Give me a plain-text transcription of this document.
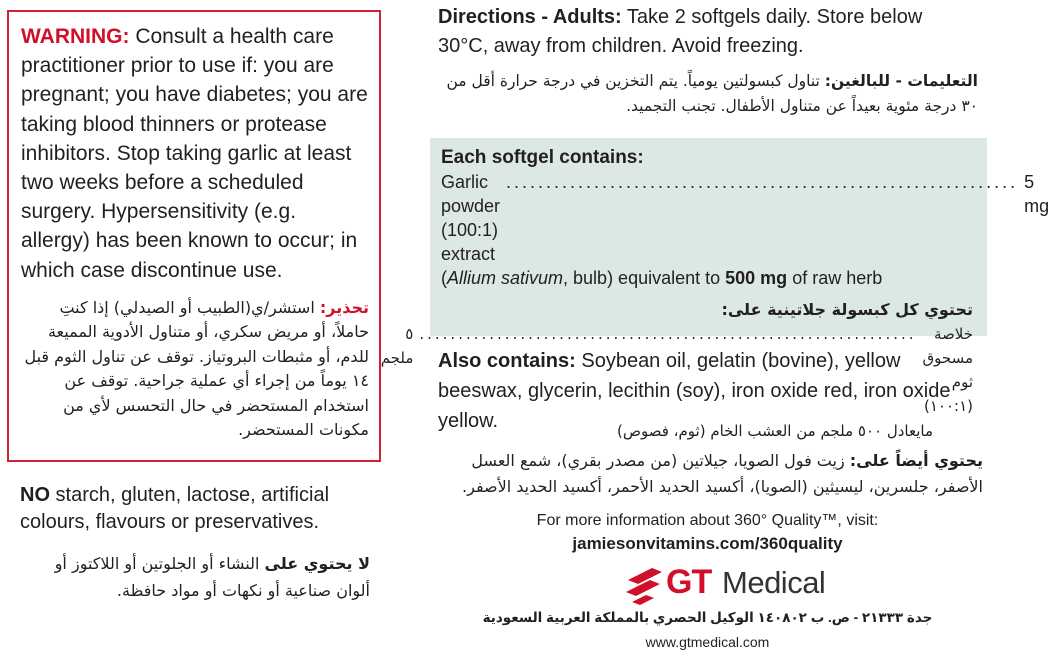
WARNING: Consult a health care practitioner prior to use if: you are pregnant; you have diabetes; you are taking blood thinners or protease inhibitors. Stop taking garlic at least two weeks before a scheduled surgery. Hypersensitivity (e.g. allergy) has been known to occur; in which case discontinue use.

تحذير: استشر/ي(الطبيب أو الصيدلي) إذا كنتِ حاملاً، أو مريض سكري، أو متناول الأدوية المميعة للدم، أو مثبطات البروتياز. توقف عن تناول الثوم قبل ١٤ يوماً من إجراء أي عملية جراحية. توقف عن استخدام المستحضر في حال التحسس لأي من مكونات المستحضر.

NO starch, gluten, lactose, artificial colours, flavours or preservatives.

لا يحتوي على النشاء أو الجلوتين أو اللاكتوز أو ألوان صناعية أو نكهات أو مواد حافظة.

Directions - Adults: Take 2 softgels daily. Store below 30°C, away from children. Avoid freezing.

التعليمات - للبالغين: تناول كبسولتين يومياً. يتم التخزين في درجة حرارة أقل من ٣٠ درجة مئوية بعيداً عن متناول الأطفال. تجنب التجميد.

Each softgel contains:

Garlic powder (100:1) extract
................................................................ 5 mg

(Allium sativum, bulb) equivalent to 500 mg of raw herb

تحتوي كل كبسولة جلاتينية على:

خلاصة مسحوق ثوم (١٠٠:١)
................................................................
٥ ملجم

مايعادل ٥٠٠ ملجم من العشب الخام (ثوم، فصوص)

Also contains: Soybean oil, gelatin (bovine), yellow beeswax, glycerin, lecithin (soy), iron oxide red, iron oxide yellow.

يحتوي أيضاً على: زيت فول الصويا، جيلاتين (من مصدر بقري)، شمع العسل الأصفر، جلسرين، ليسيثين (الصويا)، أكسيد الحديد الأحمر، أكسيد الحديد الأصفر.

For more information about 360° Quality™, visit:

jamiesonvitamins.com/360quality

GT Medical
جدة ٢١٣٣٣ - ص. ب ١٤٠٨٠٢ الوكيل الحصري بالمملكة العربية السعودية
www.gtmedical.com
